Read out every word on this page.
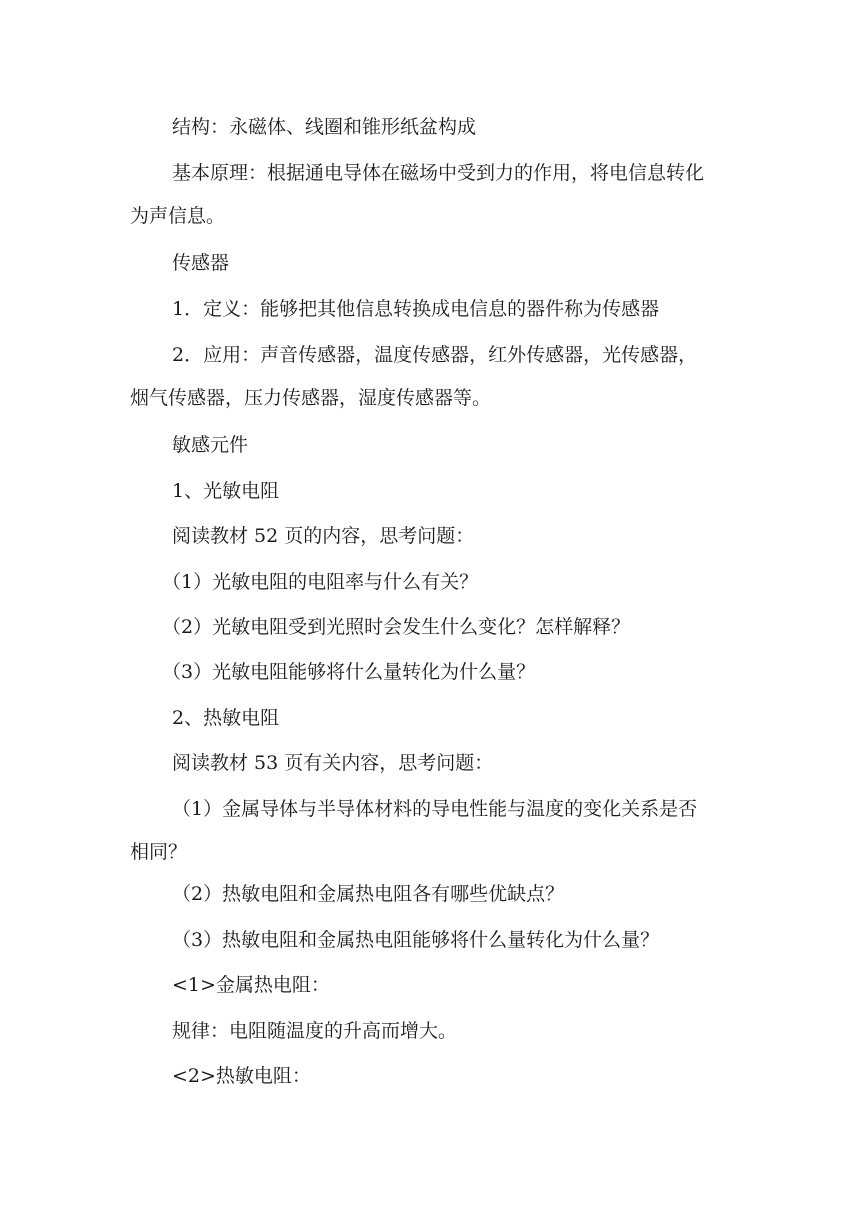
结构：永磁体、线圈和锥形纸盆构成

基本原理：根据通电导体在磁场中受到力的作用，将电信息转化
为声信息。

传感器

1．定义：能够把其他信息转换成电信息的器件称为传感器

2．应用：声音传感器，温度传感器，红外传感器，光传感器，
烟气传感器，压力传感器，湿度传感器等。

敏感元件

1、光敏电阻

阅读教材 52 页的内容，思考问题：

（1）光敏电阻的电阻率与什么有关？

（2）光敏电阻受到光照时会发生什么变化？怎样解释？

（3）光敏电阻能够将什么量转化为什么量？

2、热敏电阻

阅读教材 53 页有关内容，思考问题：

（1）金属导体与半导体材料的导电性能与温度的变化关系是否
相同？

（2）热敏电阻和金属热电阻各有哪些优缺点？

（3）热敏电阻和金属热电阻能够将什么量转化为什么量？

<1>金属热电阻：

规律：电阻随温度的升高而增大。

<2>热敏电阻：
